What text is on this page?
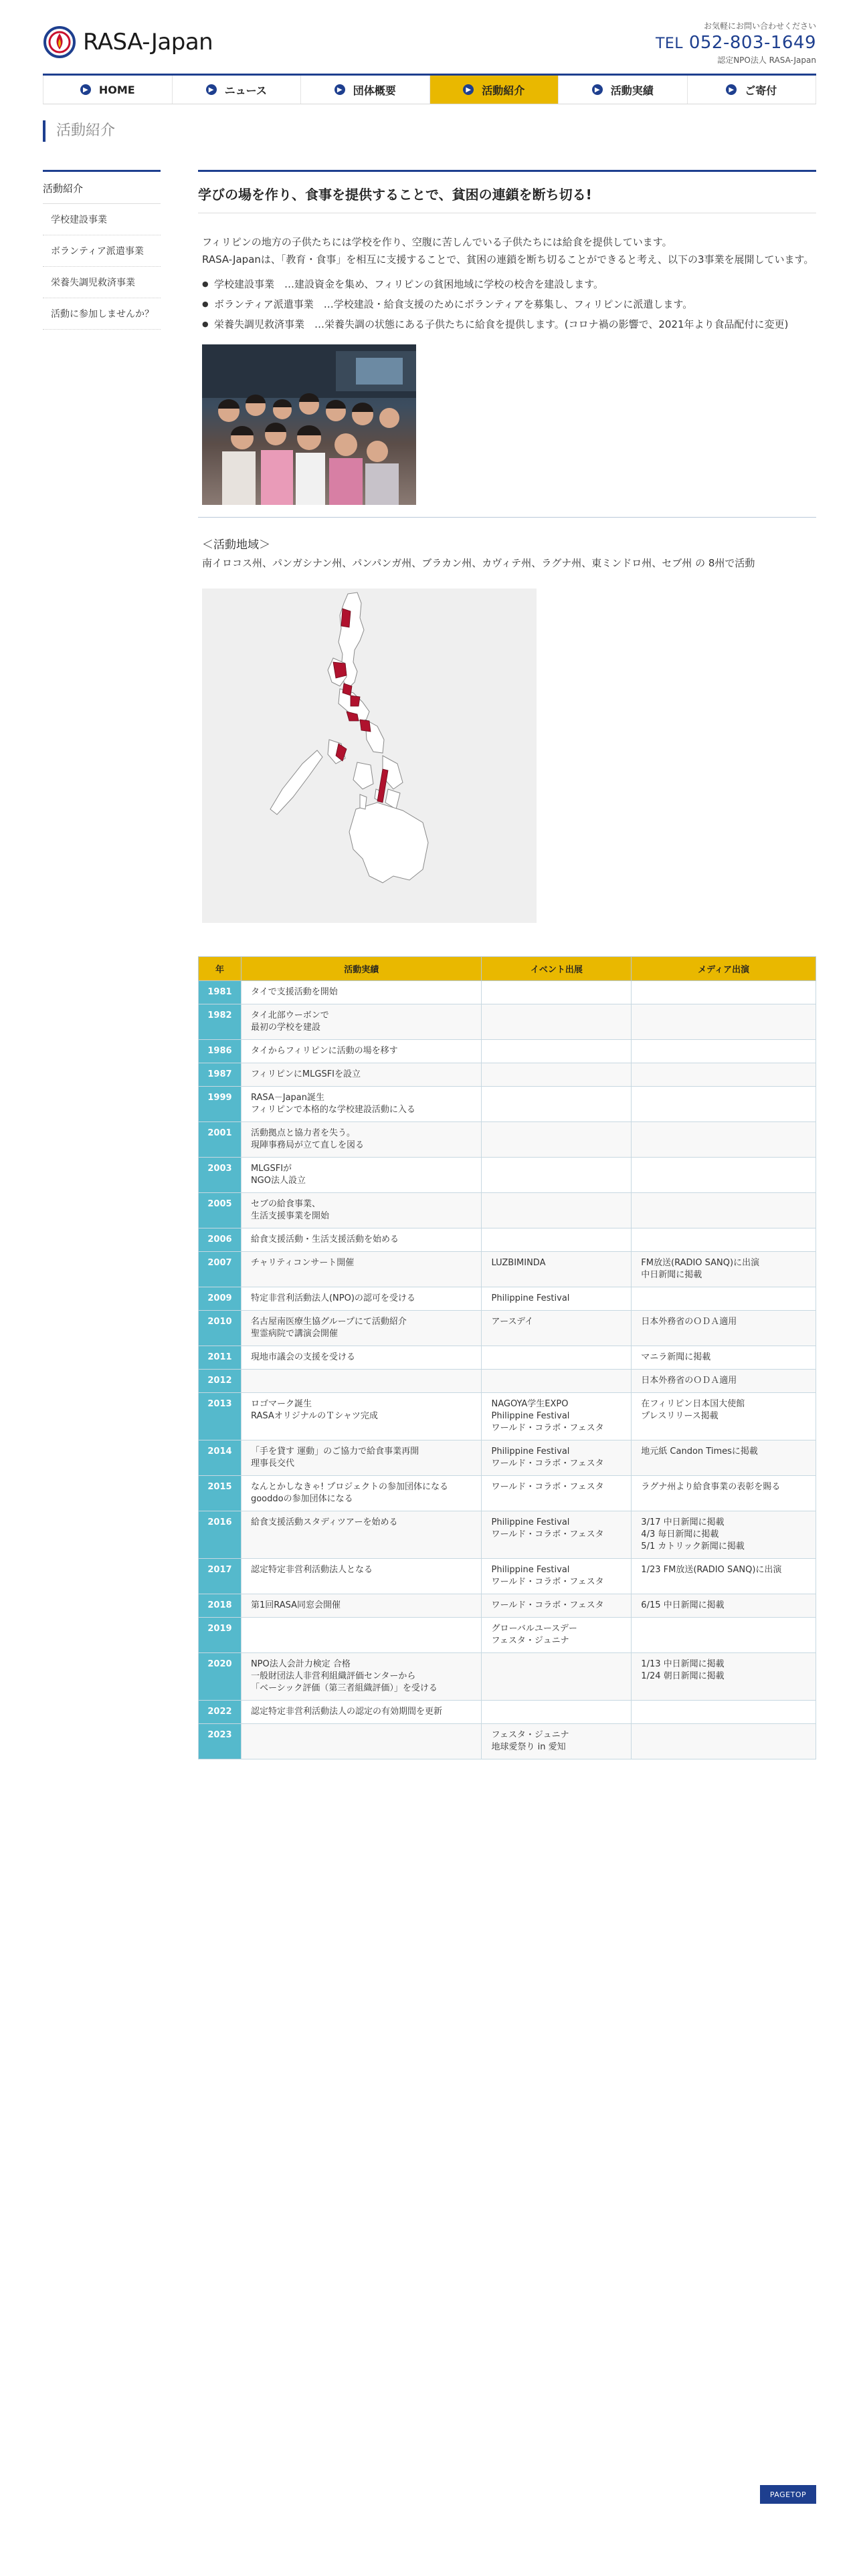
RASA-Japan
お気軽にお問い合わせください
TEL 052-803-1649
認定NPO法人 RASA-Japan
▶ HOME	▶ ニュース	▶ 団体概要	▶ 活動紹介	▶ 活動実績	▶ ご寄付
活動紹介
活動紹介
学校建設事業
ボランティア派遣事業
栄養失調児救済事業
活動に参加しませんか？
学びの場を作り、食事を提供することで、貧困の連鎖を断ち切る!

フィリピンの地方の子供たちには学校を作り、空腹に苦しんでいる子供たちには給食を提供しています。

RASA-Japanは、「教育・食事」を相互に支援することで、貧困の連鎖を断ち切ることができると考え、以下の3事業を展開しています。

● 学校建設事業　…建設資金を集め、フィリピンの貧困地域に学校の校舎を建設します。
● ボランティア派遣事業　…学校建設・給食支援のためにボランティアを募集し、フィリピンに派遣します。
● 栄養失調児救済事業　…栄養失調の状態にある子供たちに給食を提供します。(コロナ禍の影響で、2021年より食品配付に変更)
＜活動地域＞
南イロコス州、パンガシナン州、パンパンガ州、ブラカン州、カヴィテ州、ラグナ州、東ミンドロ州、セブ州 の 8州で活動
年	活動実績	イベント出展	メディア出演
1981	タイで支援活動を開始		
1982	タイ北部ウーボンで
最初の学校を建設		
1986	タイからフィリピンに活動の場を移す		
1987	フィリピンにMLGSFIを設立		
1999	RASA－Japan誕生
フィリピンで本格的な学校建設活動に入る		
2001	活動拠点と協力者を失う。
現陣事務局が立て直しを図る		
2003	MLGSFIが
NGO法人設立		
2005	セブの給食事業、
生活支援事業を開始		
2006	給食支援活動・生活支援活動を始める		
2007	チャリティコンサート開催	LUZBIMINDA	FM放送(RADIO SANQ)に出演
中日新聞に掲載
2009	特定非営利活動法人(NPO)の認可を受ける	Philippine Festival	
2010	名古屋南医療生協グループにて活動紹介
聖霊病院で講演会開催	アースデイ	日本外務省のＯＤＡ適用
2011	現地市議会の支援を受ける		マニラ新聞に掲載
2012			日本外務省のＯＤＡ適用
2013	ロゴマーク誕生
RASAオリジナルのＴシャツ完成	NAGOYA学生EXPO
Philippine Festival
ワールド・コラボ・フェスタ	在フィリピン日本国大使館
プレスリリース掲載
2014	「手を貸す 運動」のご協力で給食事業再開
理事長交代	Philippine Festival
ワールド・コラボ・フェスタ	地元紙 Candon Timesに掲載
2015	なんとかしなきゃ! プロジェクトの参加団体になる
gooddoの参加団体になる	ワールド・コラボ・フェスタ	ラグナ州より給食事業の表彰を賜る
2016	給食支援活動スタディツアーを始める	Philippine Festival
ワールド・コラボ・フェスタ	3/17 中日新聞に掲載
4/3 毎日新聞に掲載
5/1 カトリック新聞に掲載
2017	認定特定非営利活動法人となる	Philippine Festival
ワールド・コラボ・フェスタ	1/23 FM放送(RADIO SANQ)に出演
2018	第1回RASA同窓会開催	ワールド・コラボ・フェスタ	6/15 中日新聞に掲載
2019		グローバルユースデー
フェスタ・ジュニナ	
2020	NPO法人会計力検定 合格
一般財団法人非営利組織評価センターから
「ベーシック評価（第三者組織評価）」を受ける		1/13 中日新聞に掲載
1/24 朝日新聞に掲載
2022	認定特定非営利活動法人の認定の有効期間を更新		
2023		フェスタ・ジュニナ
地球愛祭り in 愛知	
PAGETOP
